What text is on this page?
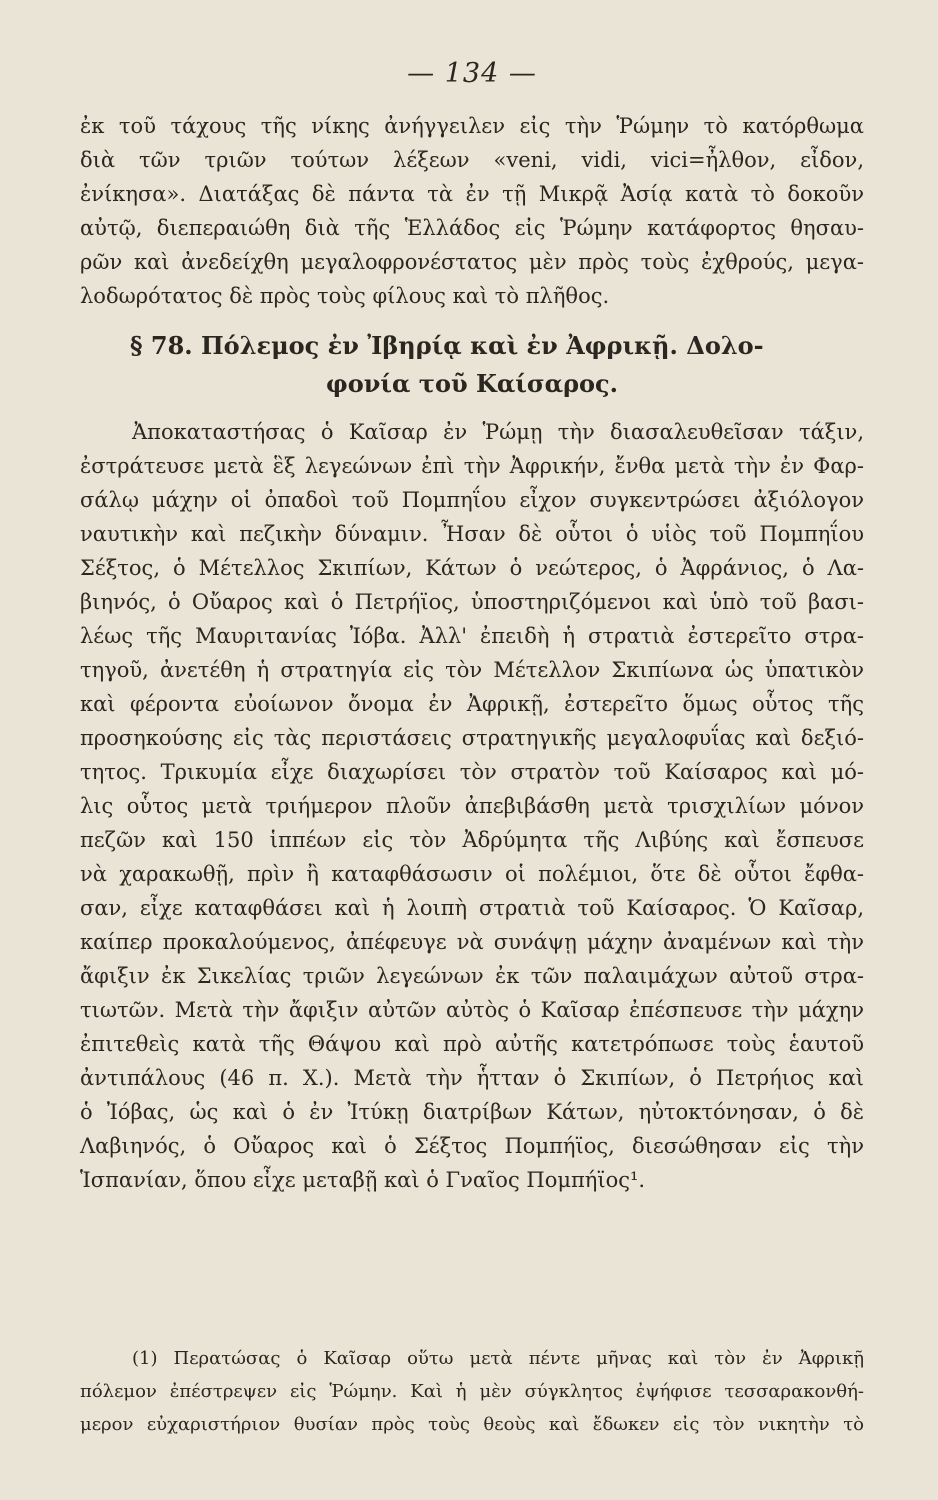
— 134 —
ἐκ τοῦ τάχους τῆς νίκης ἀνήγγειλεν εἰς τὴν Ῥώμην τὸ κατόρθωμα
διὰ τῶν τριῶν τούτων λέξεων «veni, vidi, vici=ἦλθον, εἶδον,
ἐνίκησα». Διατάξας δὲ πάντα τὰ ἐν τῇ Μικρᾷ Ἀσίᾳ κατὰ τὸ δοκοῦν
αὐτῷ, διεπεραιώθη διὰ τῆς Ἑλλάδος εἰς Ῥώμην κατάφορτος θησαυ-
ρῶν καὶ ἀνεδείχθη μεγαλοφρονέστατος μὲν πρὸς τοὺς ἐχθρούς, μεγα-
λοδωρότατος δὲ πρὸς τοὺς φίλους καὶ τὸ πλῆθος.
§ 78. Πόλεμος ἐν Ἰβηρίᾳ καὶ ἐν Ἀφρικῇ. Δολο-
φονία τοῦ Καίσαρος.
Ἀποκαταστήσας ὁ Καῖσαρ ἐν Ῥώμῃ τὴν διασαλευθεῖσαν τάξιν,
ἐστράτευσε μετὰ ἓξ λεγεώνων ἐπὶ τὴν Ἀφρικήν, ἔνθα μετὰ τὴν ἐν Φαρ-
σάλῳ μάχην οἱ ὀπαδοὶ τοῦ Πομπηΐου εἶχον συγκεντρώσει ἀξιόλογον
ναυτικὴν καὶ πεζικὴν δύναμιν. Ἦσαν δὲ οὗτοι ὁ υἱὸς τοῦ Πομπηΐου
Σέξτος, ὁ Μέτελλος Σκιπίων, Κάτων ὁ νεώτερος, ὁ Ἀφράνιος, ὁ Λα-
βιηνός, ὁ Οὔαρος καὶ ὁ Πετρήϊος, ὑποστηριζόμενοι καὶ ὑπὸ τοῦ βασι-
λέως τῆς Μαυριτανίας Ἰόβα. Ἀλλ' ἐπειδὴ ἡ στρατιὰ ἐστερεῖτο στρα-
τηγοῦ, ἀνετέθη ἡ στρατηγία εἰς τὸν Μέτελλον Σκιπίωνα ὡς ὑπατικὸν
καὶ φέροντα εὐοίωνον ὄνομα ἐν Ἀφρικῇ, ἐστερεῖτο ὅμως οὗτος τῆς
προσηκούσης εἰς τὰς περιστάσεις στρατηγικῆς μεγαλοφυΐας καὶ δεξιό-
τητος. Τρικυμία εἶχε διαχωρίσει τὸν στρατὸν τοῦ Καίσαρος καὶ μό-
λις οὗτος μετὰ τριήμερον πλοῦν ἀπεβιβάσθη μετὰ τρισχιλίων μόνον
πεζῶν καὶ 150 ἱππέων εἰς τὸν Ἀδρύμητα τῆς Λιβύης καὶ ἔσπευσε
νὰ χαρακωθῇ, πρὶν ἢ καταφθάσωσιν οἱ πολέμιοι, ὅτε δὲ οὗτοι ἔφθα-
σαν, εἶχε καταφθάσει καὶ ἡ λοιπὴ στρατιὰ τοῦ Καίσαρος. Ὁ Καῖσαρ,
καίπερ προκαλούμενος, ἀπέφευγε νὰ συνάψῃ μάχην ἀναμένων καὶ τὴν
ἄφιξιν ἐκ Σικελίας τριῶν λεγεώνων ἐκ τῶν παλαιμάχων αὐτοῦ στρα-
τιωτῶν. Μετὰ τὴν ἄφιξιν αὐτῶν αὐτὸς ὁ Καῖσαρ ἐπέσπευσε τὴν μάχην
ἐπιτεθεὶς κατὰ τῆς Θάψου καὶ πρὸ αὐτῆς κατετρόπωσε τοὺς ἑαυτοῦ
ἀντιπάλους (46 π. Χ.). Μετὰ τὴν ἧτταν ὁ Σκιπίων, ὁ Πετρήιος καὶ
ὁ Ἰόβας, ὡς καὶ ὁ ἐν Ἰτύκῃ διατρίβων Κάτων, ηὐτοκτόνησαν, ὁ δὲ
Λαβιηνός, ὁ Οὔαρος καὶ ὁ Σέξτος Πομπήϊος, διεσώθησαν εἰς τὴν
Ἱσπανίαν, ὅπου εἶχε μεταβῇ καὶ ὁ Γναῖος Πομπήϊος¹.
(1) Περατώσας ὁ Καῖσαρ οὕτω μετὰ πέντε μῆνας καὶ τὸν ἐν Ἀφρικῇ
πόλεμον ἐπέστρεψεν εἰς Ῥώμην. Καὶ ἡ μὲν σύγκλητος ἐψήφισε τεσσαρακονθή-
μερον εὐχαριστήριον θυσίαν πρὸς τοὺς θεοὺς καὶ ἔδωκεν εἰς τὸν νικητὴν τὸ
